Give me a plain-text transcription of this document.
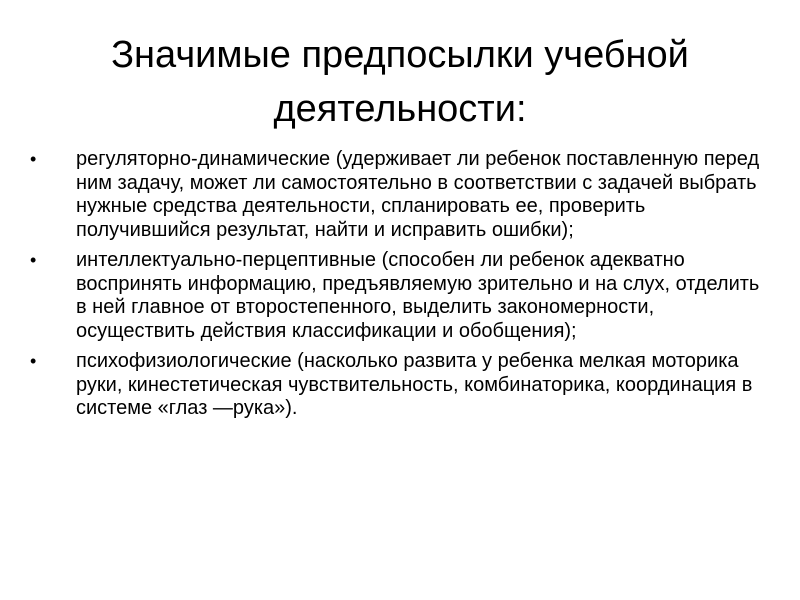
Значимые предпосылки учебной
деятельности:
•	регуляторно-динамические (удерживает ли ребенок поставленную перед ним задачу, может ли самостоятельно в соответствии с задачей выбрать нужные средства деятельности, спланировать ее, проверить получившийся результат, найти и исправить ошибки);
•	интеллектуально-перцептивные (способен ли ребенок адекватно воспринять информацию, предъявляемую зрительно и на слух, отделить в ней главное от второстепенного, выделить закономерности, осуществить действия классификации и обобщения);
•	психофизиологические (насколько развита у ребенка мелкая моторика руки, кинестетическая чувствительность, комбинаторика, координация в системе «глаз —рука»).
